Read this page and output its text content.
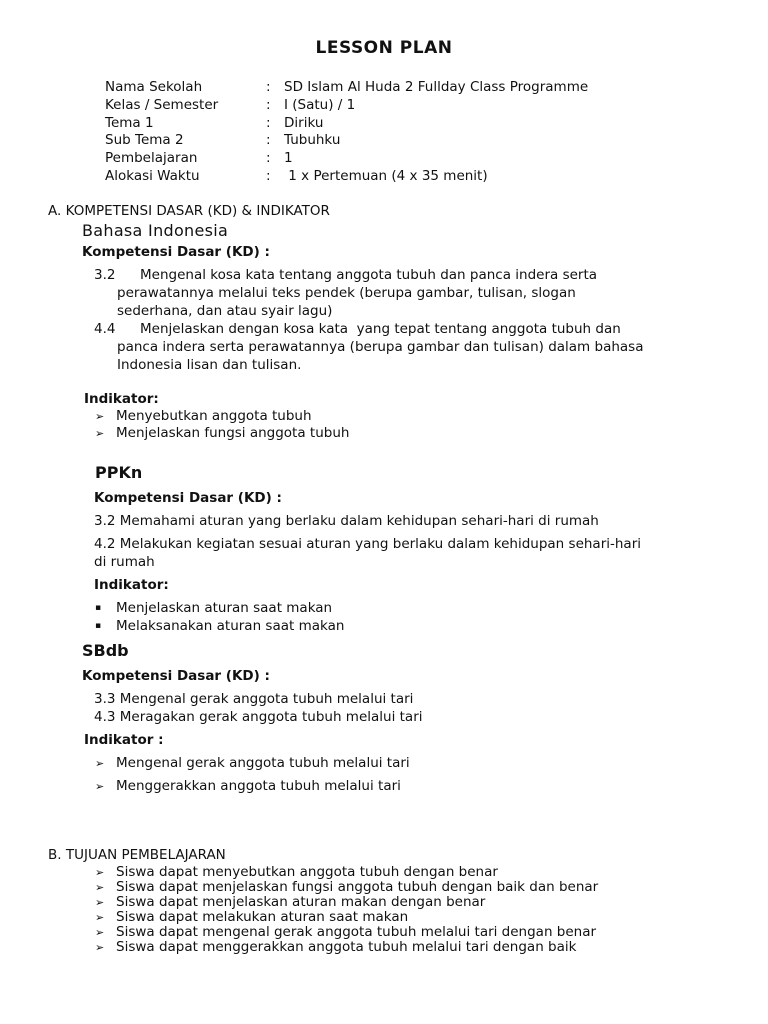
LESSON PLAN
Nama Sekolah	: SD Islam Al Huda 2 Fullday Class Programme
Kelas / Semester	: I (Satu) / 1
Tema 1	: Diriku
Sub Tema 2	: Tubuhku
Pembelajaran	: 1
Alokasi Waktu	: 1 x Pertemuan (4 x 35 menit)
A. KOMPETENSI DASAR (KD) & INDIKATOR
Bahasa Indonesia
Kompetensi Dasar (KD) :
3.2 Mengenal kosa kata tentang anggota tubuh dan panca indera serta
perawatannya melalui teks pendek (berupa gambar, tulisan, slogan
sederhana, dan atau syair lagu)
4.4 Menjelaskan dengan kosa kata  yang tepat tentang anggota tubuh dan
panca indera serta perawatannya (berupa gambar dan tulisan) dalam bahasa
Indonesia lisan dan tulisan.
Indikator:
➢ Menyebutkan anggota tubuh
➢ Menjelaskan fungsi anggota tubuh
PPKn
Kompetensi Dasar (KD) :
3.2 Memahami aturan yang berlaku dalam kehidupan sehari-hari di rumah
4.2 Melakukan kegiatan sesuai aturan yang berlaku dalam kehidupan sehari-hari
di rumah
Indikator:
▪ Menjelaskan aturan saat makan
▪ Melaksanakan aturan saat makan
SBdb
Kompetensi Dasar (KD) :
3.3 Mengenal gerak anggota tubuh melalui tari
4.3 Meragakan gerak anggota tubuh melalui tari
Indikator :
➢ Mengenal gerak anggota tubuh melalui tari
➢ Menggerakkan anggota tubuh melalui tari
B. TUJUAN PEMBELAJARAN
➢ Siswa dapat menyebutkan anggota tubuh dengan benar
➢ Siswa dapat menjelaskan fungsi anggota tubuh dengan baik dan benar
➢ Siswa dapat menjelaskan aturan makan dengan benar
➢ Siswa dapat melakukan aturan saat makan
➢ Siswa dapat mengenal gerak anggota tubuh melalui tari dengan benar
➢ Siswa dapat menggerakkan anggota tubuh melalui tari dengan baik
